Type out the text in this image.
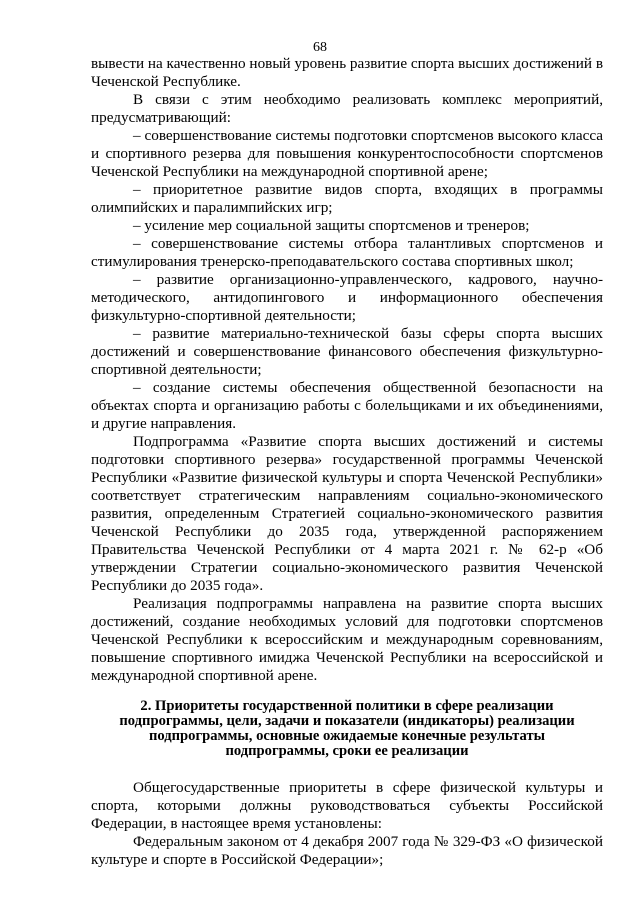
68

вывести на качественно новый уровень развитие спорта высших достижений в Чеченской Республике.

В связи с этим необходимо реализовать комплекс мероприятий, предусматривающий:

– совершенствование системы подготовки спортсменов высокого класса и спортивного резерва для повышения конкурентоспособности спортсменов Чеченской Республики на международной спортивной арене;

– приоритетное развитие видов спорта, входящих в программы олимпийских и паралимпийских игр;

– усиление мер социальной защиты спортсменов и тренеров;

– совершенствование системы отбора талантливых спортсменов и стимулирования тренерско-преподавательского состава спортивных школ;

– развитие организационно-управленческого, кадрового, научно-методического, антидопингового и информационного обеспечения физкультурно-спортивной деятельности;

– развитие материально-технической базы сферы спорта высших достижений и совершенствование финансового обеспечения физкультурно-спортивной деятельности;

– создание системы обеспечения общественной безопасности на объектах спорта и организацию работы с болельщиками и их объединениями, и другие направления.

Подпрограмма «Развитие спорта высших достижений и системы подготовки спортивного резерва» государственной программы Чеченской Республики «Развитие физической культуры и спорта Чеченской Республики» соответствует стратегическим направлениям социально-экономического развития, определенным Стратегией социально-экономического развития Чеченской Республики до 2035 года, утвержденной распоряжением Правительства Чеченской Республики от 4 марта 2021 г. № 62-р «Об утверждении Стратегии социально-экономического развития Чеченской Республики до 2035 года».

Реализация подпрограммы направлена на развитие спорта высших достижений, создание необходимых условий для подготовки спортсменов Чеченской Республики к всероссийским и международным соревнованиям, повышение спортивного имиджа Чеченской Республики на всероссийской и международной спортивной арене.

2. Приоритеты государственной политики в сфере реализации
подпрограммы, цели, задачи и показатели (индикаторы) реализации
подпрограммы, основные ожидаемые конечные результаты
подпрограммы, сроки ее реализации

Общегосударственные приоритеты в сфере физической культуры и спорта, которыми должны руководствоваться субъекты Российской Федерации, в настоящее время установлены:

Федеральным законом от 4 декабря 2007 года № 329-ФЗ «О физической культуре и спорте в Российской Федерации»;
